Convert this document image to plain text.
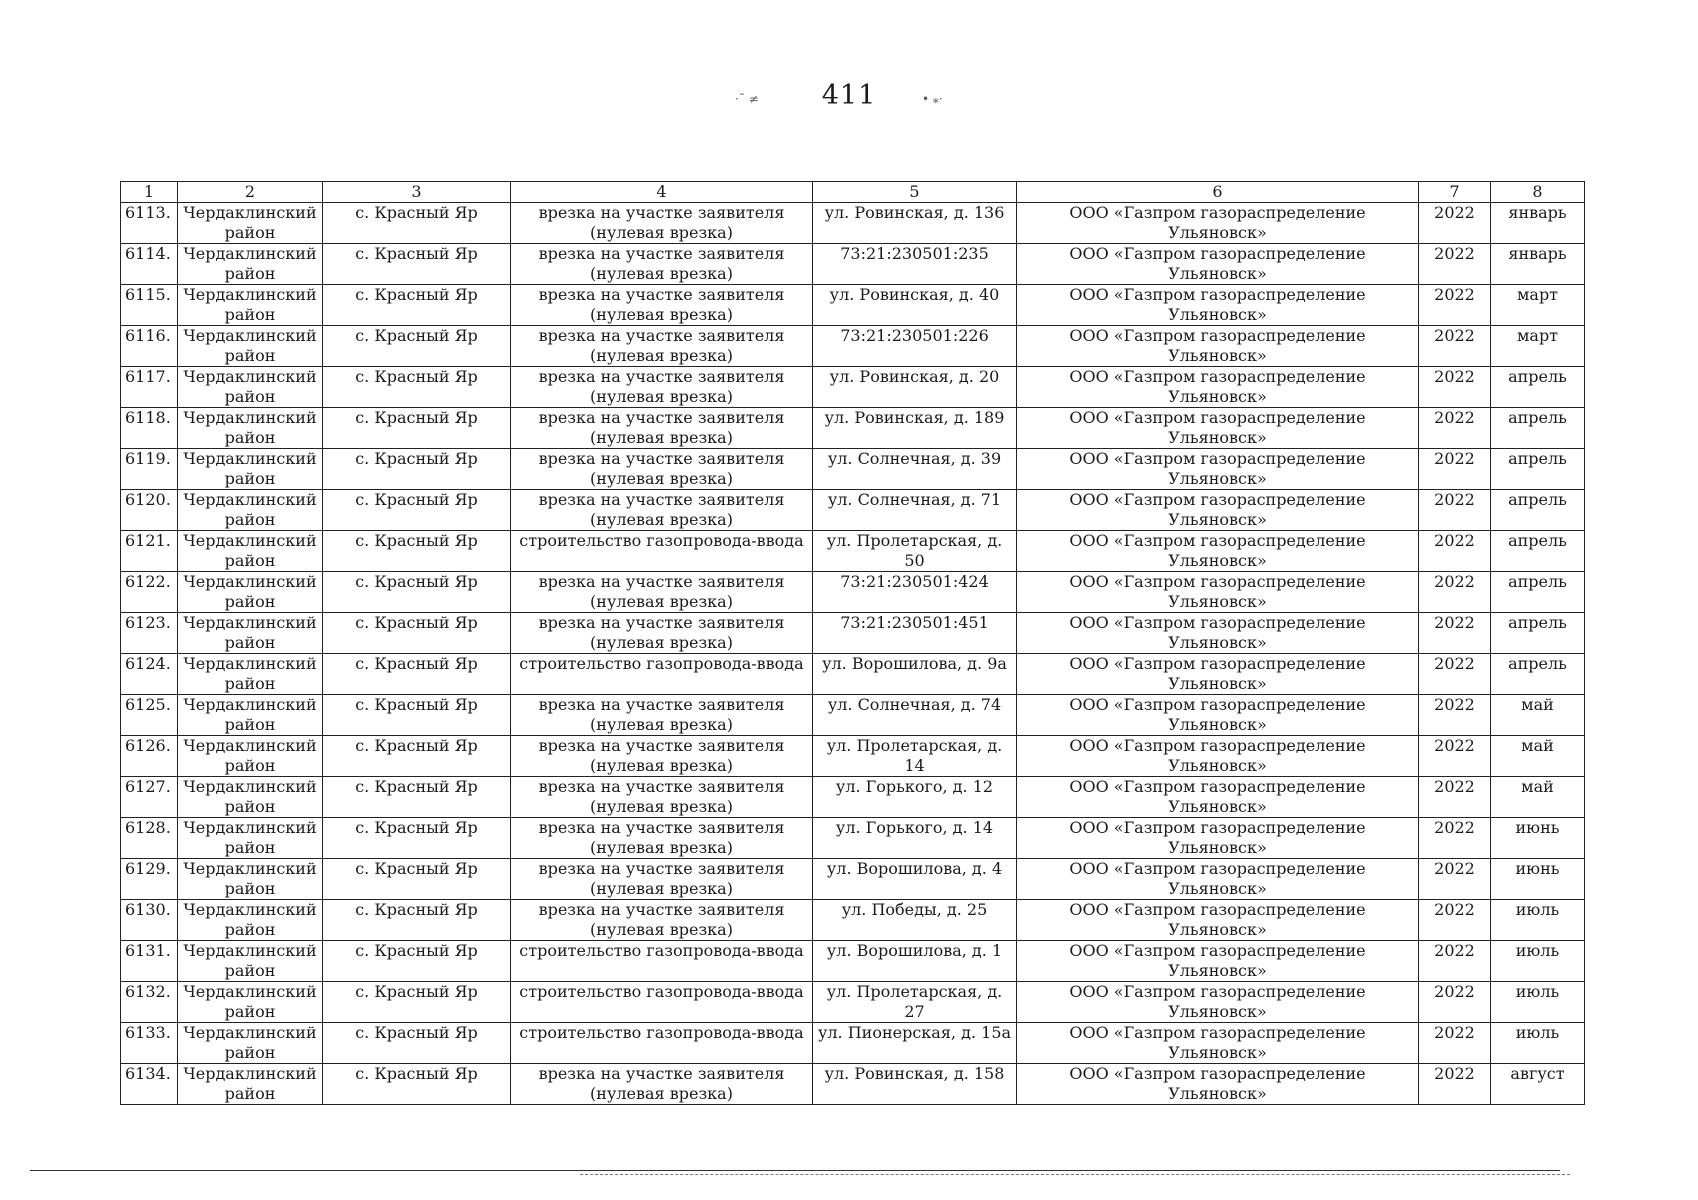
·˜ ≠	411	• ⁎·
1	2	3	4	5	6	7	8
6113.	Чердаклинский район	с. Красный Яр	врезка на участке заявителя (нулевая врезка)	ул. Ровинская, д. 136	ООО «Газпром газораспределение Ульяновск»	2022	январь
6114.	Чердаклинский район	с. Красный Яр	врезка на участке заявителя (нулевая врезка)	73:21:230501:235	ООО «Газпром газораспределение Ульяновск»	2022	январь
6115.	Чердаклинский район	с. Красный Яр	врезка на участке заявителя (нулевая врезка)	ул. Ровинская, д. 40	ООО «Газпром газораспределение Ульяновск»	2022	март
6116.	Чердаклинский район	с. Красный Яр	врезка на участке заявителя (нулевая врезка)	73:21:230501:226	ООО «Газпром газораспределение Ульяновск»	2022	март
6117.	Чердаклинский район	с. Красный Яр	врезка на участке заявителя (нулевая врезка)	ул. Ровинская, д. 20	ООО «Газпром газораспределение Ульяновск»	2022	апрель
6118.	Чердаклинский район	с. Красный Яр	врезка на участке заявителя (нулевая врезка)	ул. Ровинская, д. 189	ООО «Газпром газораспределение Ульяновск»	2022	апрель
6119.	Чердаклинский район	с. Красный Яр	врезка на участке заявителя (нулевая врезка)	ул. Солнечная, д. 39	ООО «Газпром газораспределение Ульяновск»	2022	апрель
6120.	Чердаклинский район	с. Красный Яр	врезка на участке заявителя (нулевая врезка)	ул. Солнечная, д. 71	ООО «Газпром газораспределение Ульяновск»	2022	апрель
6121.	Чердаклинский район	с. Красный Яр	строительство газопровода-ввода	ул. Пролетарская, д. 50	ООО «Газпром газораспределение Ульяновск»	2022	апрель
6122.	Чердаклинский район	с. Красный Яр	врезка на участке заявителя (нулевая врезка)	73:21:230501:424	ООО «Газпром газораспределение Ульяновск»	2022	апрель
6123.	Чердаклинский район	с. Красный Яр	врезка на участке заявителя (нулевая врезка)	73:21:230501:451	ООО «Газпром газораспределение Ульяновск»	2022	апрель
6124.	Чердаклинский район	с. Красный Яр	строительство газопровода-ввода	ул. Ворошилова, д. 9а	ООО «Газпром газораспределение Ульяновск»	2022	апрель
6125.	Чердаклинский район	с. Красный Яр	врезка на участке заявителя (нулевая врезка)	ул. Солнечная, д. 74	ООО «Газпром газораспределение Ульяновск»	2022	май
6126.	Чердаклинский район	с. Красный Яр	врезка на участке заявителя (нулевая врезка)	ул. Пролетарская, д. 14	ООО «Газпром газораспределение Ульяновск»	2022	май
6127.	Чердаклинский район	с. Красный Яр	врезка на участке заявителя (нулевая врезка)	ул. Горького, д. 12	ООО «Газпром газораспределение Ульяновск»	2022	май
6128.	Чердаклинский район	с. Красный Яр	врезка на участке заявителя (нулевая врезка)	ул. Горького, д. 14	ООО «Газпром газораспределение Ульяновск»	2022	июнь
6129.	Чердаклинский район	с. Красный Яр	врезка на участке заявителя (нулевая врезка)	ул. Ворошилова, д. 4	ООО «Газпром газораспределение Ульяновск»	2022	июнь
6130.	Чердаклинский район	с. Красный Яр	врезка на участке заявителя (нулевая врезка)	ул. Победы, д. 25	ООО «Газпром газораспределение Ульяновск»	2022	июль
6131.	Чердаклинский район	с. Красный Яр	строительство газопровода-ввода	ул. Ворошилова, д. 1	ООО «Газпром газораспределение Ульяновск»	2022	июль
6132.	Чердаклинский район	с. Красный Яр	строительство газопровода-ввода	ул. Пролетарская, д. 27	ООО «Газпром газораспределение Ульяновск»	2022	июль
6133.	Чердаклинский район	с. Красный Яр	строительство газопровода-ввода	ул. Пионерская, д. 15а	ООО «Газпром газораспределение Ульяновск»	2022	июль
6134.	Чердаклинский район	с. Красный Яр	врезка на участке заявителя (нулевая врезка)	ул. Ровинская, д. 158	ООО «Газпром газораспределение Ульяновск»	2022	август
